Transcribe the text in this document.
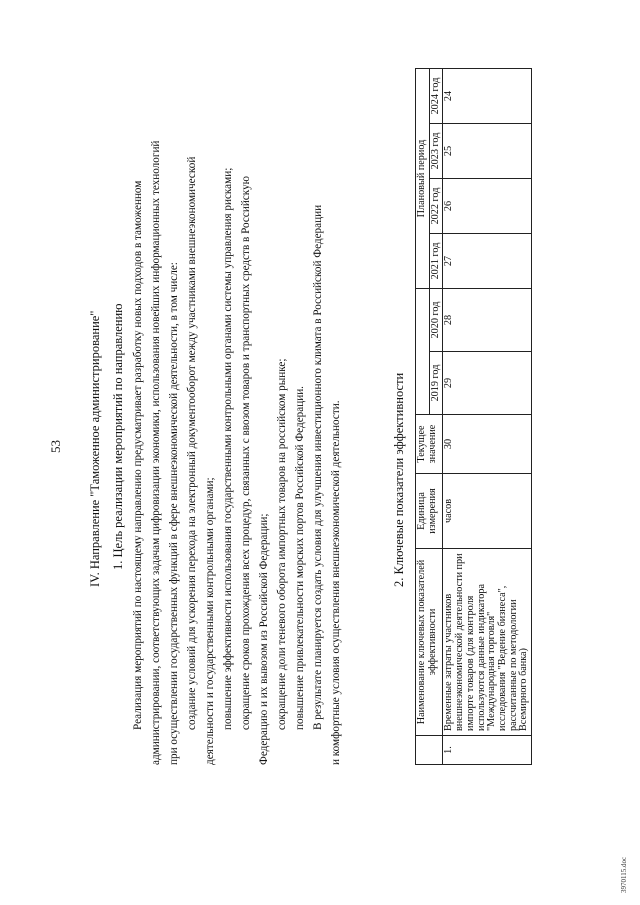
53 IV. Направление "Таможенное администрирование" 1. Цель реализации мероприятий по направлению Реализация мероприятий по настоящему направлению предусматривает разработку новых подходов в таможенном администрировании, соответствующих задачам цифровизации экономики, использования новейших информационных технологий при осуществлении государственных функций в сфере внешнеэкономической деятельности, в том числе: создание условий для ускорения перехода на электронный документооборот между участниками внешнеэкономической деятельности и государственными контрольными органами; повышение эффективности использования государственными контрольными органами системы управления рисками; сокращение сроков прохождения всех процедур, связанных с ввозом товаров и транспортных средств в Российскую Федерацию и их вывозом из Российской Федерации; сокращение доли теневого оборота импортных товаров на российском рынке; повышение привлекательности морских портов Российской Федерации. В результате планируется создать условия для улучшения инвестиционного климата в Российской Федерации и комфортные условия осуществления внешнеэкономической деятельности.	2. Ключевые показатели эффективности
	Наименование ключевых показателей эффективности	Единица измерения	Текущее значение			Плановый период			
				2019 год	2020 год	2021 год	2022 год	2023 год	2024 год
1.	Временные затраты участников внешнеэкономической деятельности при импорте товаров (для контроля используются данные индикатора "Международная торговля" исследования "Ведение бизнеса", рассчитанные по методологии Всемирного банка)	часов	30	29	28	27	26	25	24
3970115.doc
